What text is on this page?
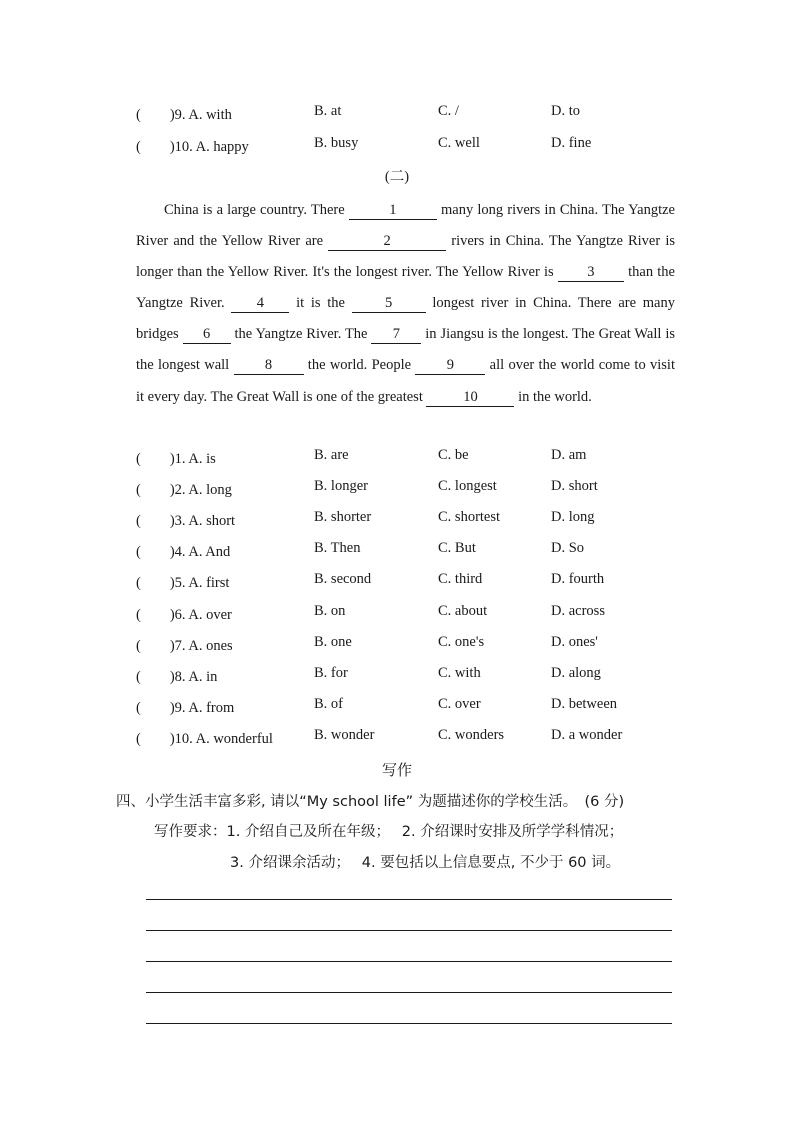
(　　)9. A. with	B. at	C. /	D. to
(　　)10. A. happy	B. busy	C. well	D. fine
(二)
China is a large country. There	1	many long rivers in China. The Yangtze River and the Yellow River are	2	rivers in China. The Yangtze River is longer than the Yellow River. It's the longest river. The Yellow River is 3 than the Yangtze River. 4 it is the 5 longest river in China. There are many bridges 6 the Yangtze River. The 7 in Jiangsu is the longest. The Great Wall is the longest wall 8 the world. People 9 all over the world come to visit it every day. The Great Wall is one of the greatest	10	in the world.
(　　)1. A. is	B. are	C. be	D. am
(　　)2. A. long	B. longer	C. longest	D. short
(　　)3. A. short	B. shorter	C. shortest	D. long
(　　)4. A. And	B. Then	C. But	D. So
(　　)5. A. first	B. second	C. third	D. fourth
(　　)6. A. over	B. on	C. about	D. across
(　　)7. A. ones	B. one	C. one's	D. ones'
(　　)8. A. in	B. for	C. with	D. along
(　　)9. A. from	B. of	C. over	D. between
(　　)10. A. wonderful	B. wonder	C. wonders	D. a wonder
写作
四、小学生活丰富多彩, 请以“My school life” 为题描述你的学校生活。　(6 分)
写作要求：1. 介绍自己及所在年级；　 2. 介绍课时安排及所学学科情况；
3. 介绍课余活动；　 4. 要包括以上信息要点, 不少于 60 词。
